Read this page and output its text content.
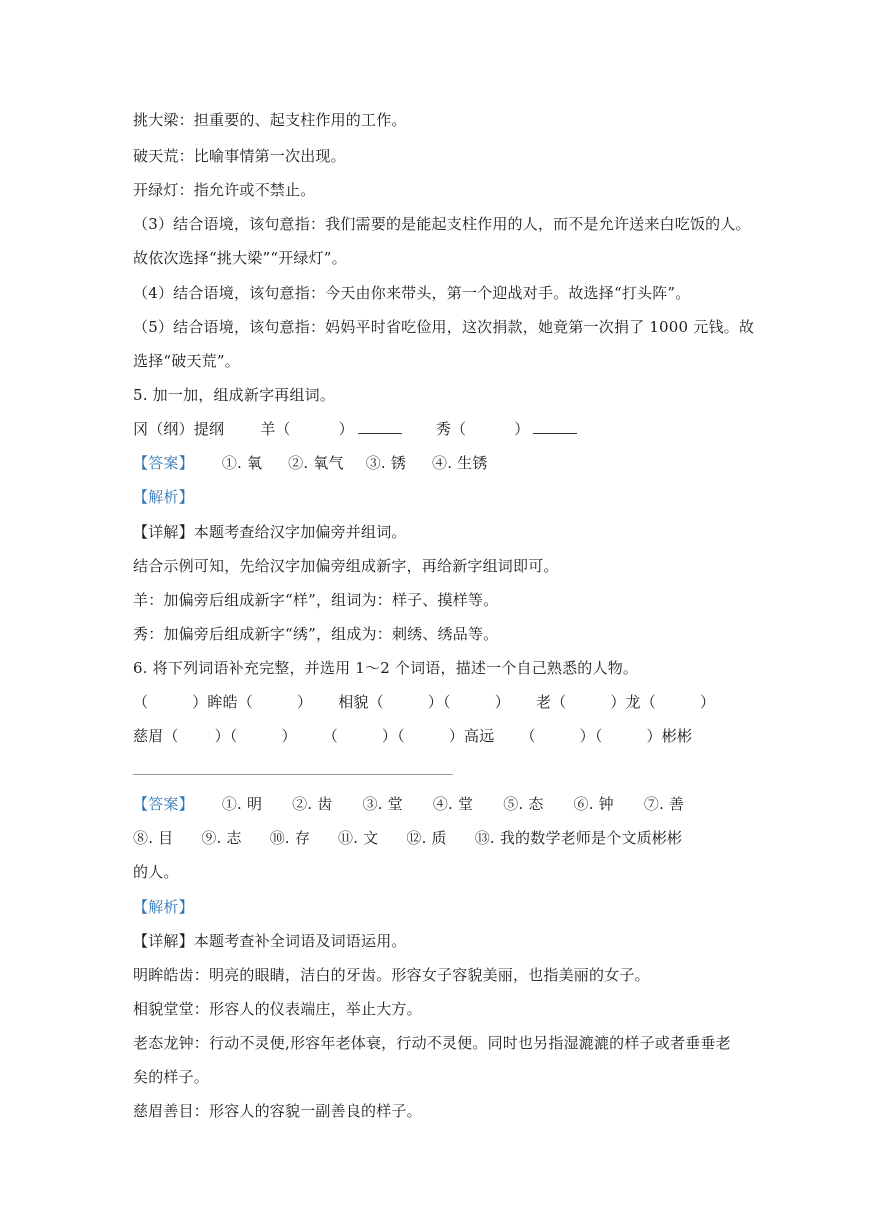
挑大梁：担重要的、起支柱作用的工作。
破天荒：比喻事情第一次出现。
开绿灯：指允许或不禁止。
（3）结合语境，该句意指：我们需要的是能起支柱作用的人，而不是允许送来白吃饭的人。
故依次选择“挑大梁”“开绿灯”。
（4）结合语境，该句意指：今天由你来带头，第一个迎战对手。故选择“打头阵”。
（5）结合语境，该句意指：妈妈平时省吃俭用，这次捐款，她竟第一次捐了 1000 元钱。故
选择“破天荒”。
5. 加一加，组成新字再组词。
冈（纲）提纲 羊（	）	秀（	）
【答案】 ①. 氧 ②. 氧气 ③. 锈 ④. 生锈
【解析】
【详解】本题考查给汉字加偏旁并组词。
结合示例可知，先给汉字加偏旁组成新字，再给新字组词即可。
羊：加偏旁后组成新字“样”，组词为：样子、摸样等。
秀：加偏旁后组成新字“绣”，组成为：刺绣、绣品等。
6. 将下列词语补充完整，并选用 1～2 个词语，描述一个自己熟悉的人物。
（	）眸皓（	） 相貌（	）（	） 老（	）龙（	）
慈眉（ ）（	） （	）（	）高远 （	）（	）彬彬
【答案】 ①. 明 ②. 齿 ③. 堂 ④. 堂 ⑤. 态 ⑥. 钟 ⑦. 善
⑧. 目 ⑨. 志 ⑩. 存 ⑪. 文 ⑫. 质 ⑬. 我的数学老师是个文质彬彬
的人。
【解析】
【详解】本题考查补全词语及词语运用。
明眸皓齿：明亮的眼睛，洁白的牙齿。形容女子容貌美丽，也指美丽的女子。
相貌堂堂：形容人的仪表端庄，举止大方。
老态龙钟：行动不灵便,形容年老体衰，行动不灵便。同时也另指湿漉漉的样子或者垂垂老
矣的样子。
慈眉善目：形容人的容貌一副善良的样子。
